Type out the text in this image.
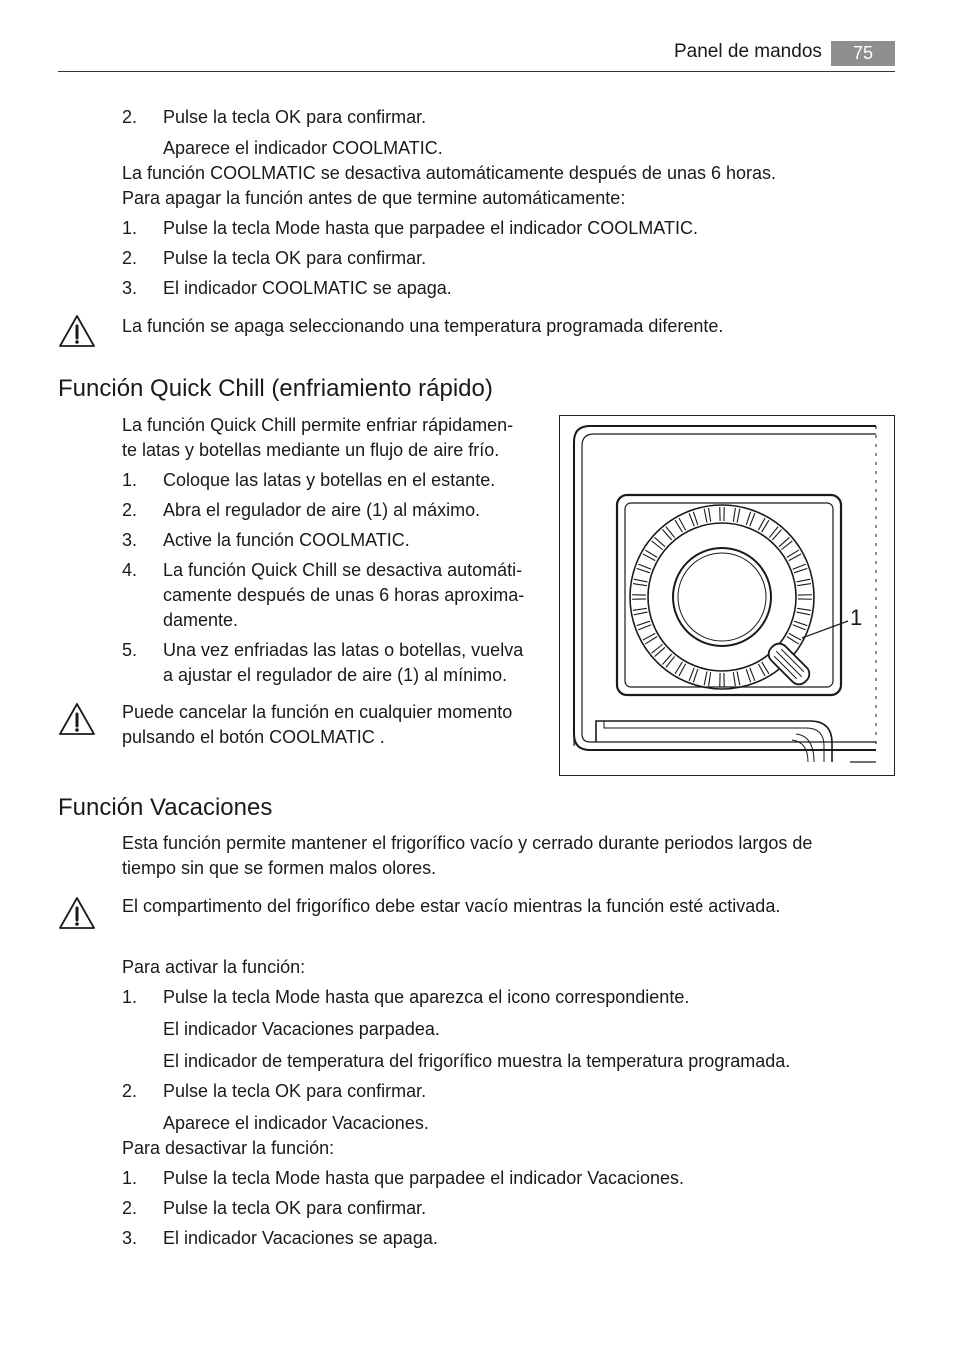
Panel de mandos	75
2.	Pulse la tecla OK para confirmar.
Aparece el indicador COOLMATIC.
La función COOLMATIC se desactiva automáticamente después de unas 6 horas.
Para apagar la función antes de que termine automáticamente:
1.	Pulse la tecla Mode hasta que parpadee el indicador COOLMATIC.
2.	Pulse la tecla OK para confirmar.
3.	El indicador COOLMATIC se apaga.
La función se apaga seleccionando una temperatura programada diferente.
Función Quick Chill (enfriamiento rápido)
La función Quick Chill permite enfriar rápidamen-
te latas y botellas mediante un flujo de aire frío.
1.	Coloque las latas y botellas en el estante.
2.	Abra el regulador de aire (1) al máximo.
3.	Active la función COOLMATIC.
4.	La función Quick Chill se desactiva automáti-
camente después de unas 6 horas aproxima-
damente.
5.	Una vez enfriadas las latas o botellas, vuelva
a ajustar el regulador de aire (1) al mínimo.
Puede cancelar la función en cualquier momento
pulsando el botón COOLMATIC .
1
Función Vacaciones
Esta función permite mantener el frigorífico vacío y cerrado durante periodos largos de
tiempo sin que se formen malos olores.
El compartimento del frigorífico debe estar vacío mientras la función esté activada.
Para activar la función:
1.	Pulse la tecla Mode hasta que aparezca el icono correspondiente.
El indicador Vacaciones parpadea.
El indicador de temperatura del frigorífico muestra la temperatura programada.
2.	Pulse la tecla OK para confirmar.
Aparece el indicador Vacaciones.
Para desactivar la función:
1.	Pulse la tecla Mode hasta que parpadee el indicador Vacaciones.
2.	Pulse la tecla OK para confirmar.
3.	El indicador Vacaciones se apaga.
